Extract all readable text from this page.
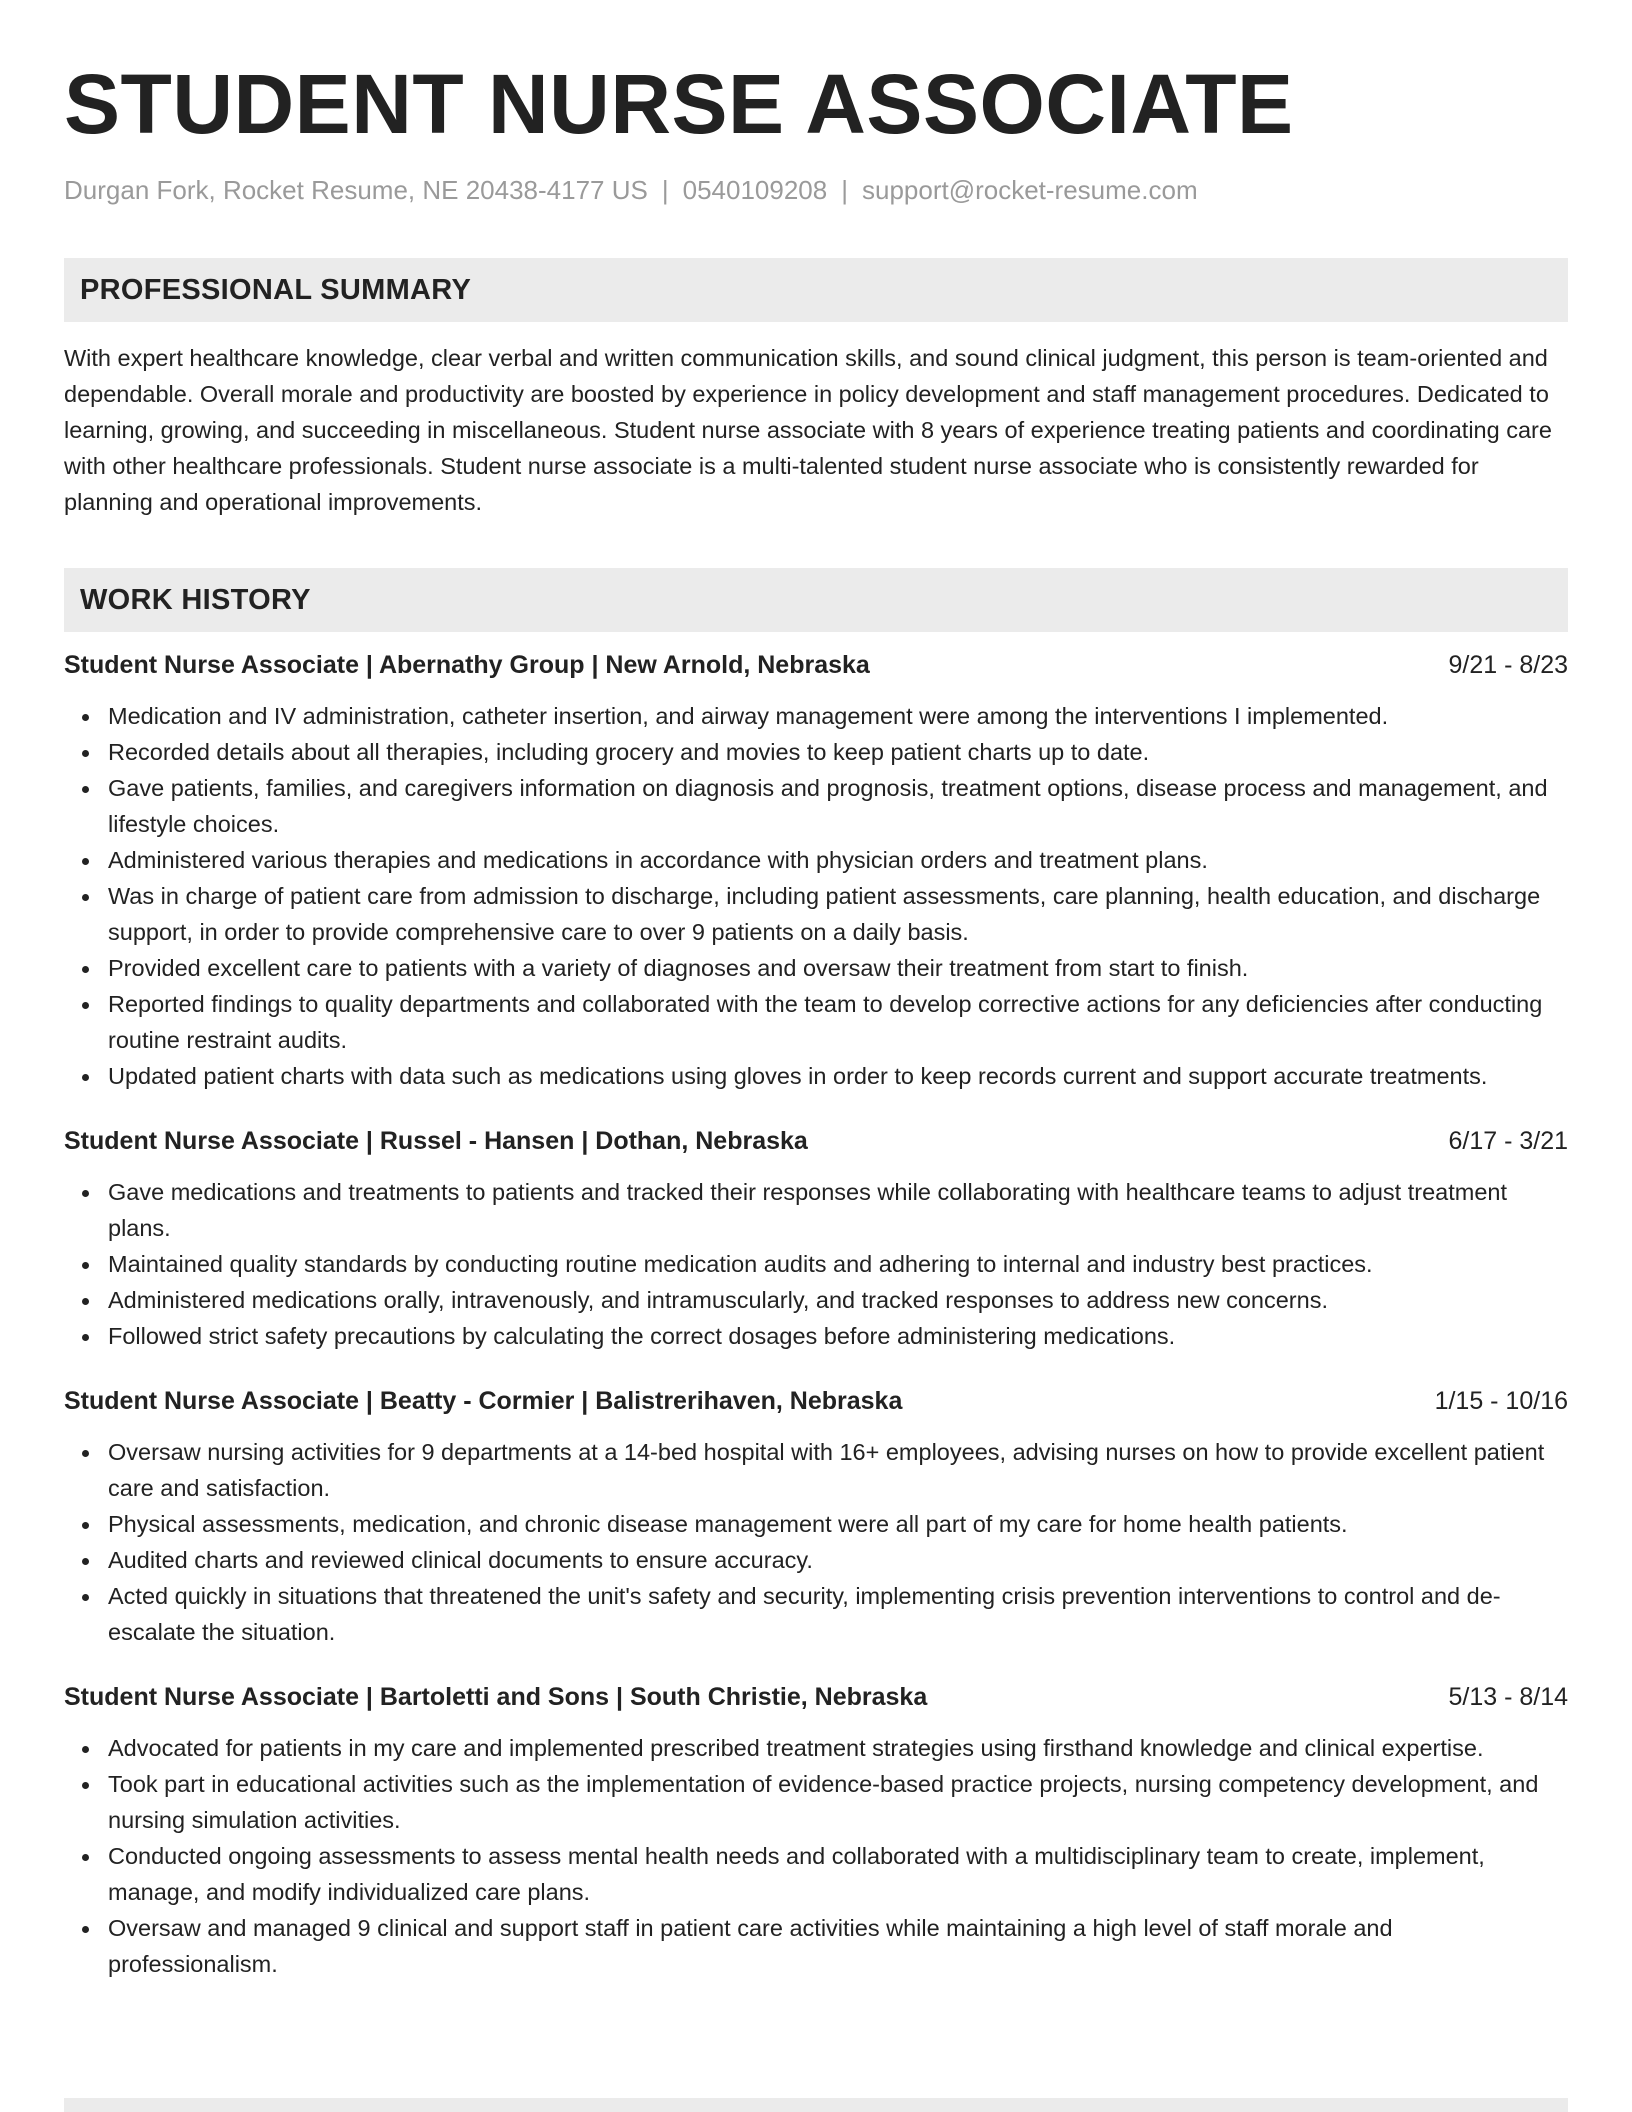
STUDENT NURSE ASSOCIATE
Durgan Fork, Rocket Resume, NE 20438-4177 US | 0540109208 | support@rocket-resume.com
PROFESSIONAL SUMMARY

With expert healthcare knowledge, clear verbal and written communication skills, and sound clinical judgment, this person is team-oriented and dependable. Overall morale and productivity are boosted by experience in policy development and staff management procedures. Dedicated to learning, growing, and succeeding in miscellaneous. Student nurse associate with 8 years of experience treating patients and coordinating care with other healthcare professionals. Student nurse associate is a multi-talented student nurse associate who is consistently rewarded for planning and operational improvements.

WORK HISTORY
Student Nurse Associate | Abernathy Group | New Arnold, Nebraska	9/21 - 8/23
Medication and IV administration, catheter insertion, and airway management were among the interventions I implemented.
Recorded details about all therapies, including grocery and movies to keep patient charts up to date.
Gave patients, families, and caregivers information on diagnosis and prognosis, treatment options, disease process and management, and lifestyle choices.
Administered various therapies and medications in accordance with physician orders and treatment plans.
Was in charge of patient care from admission to discharge, including patient assessments, care planning, health education, and discharge support, in order to provide comprehensive care to over 9 patients on a daily basis.
Provided excellent care to patients with a variety of diagnoses and oversaw their treatment from start to finish.
Reported findings to quality departments and collaborated with the team to develop corrective actions for any deficiencies after conducting routine restraint audits.
Updated patient charts with data such as medications using gloves in order to keep records current and support accurate treatments.
Student Nurse Associate | Russel - Hansen | Dothan, Nebraska	6/17 - 3/21
Gave medications and treatments to patients and tracked their responses while collaborating with healthcare teams to adjust treatment plans.
Maintained quality standards by conducting routine medication audits and adhering to internal and industry best practices.
Administered medications orally, intravenously, and intramuscularly, and tracked responses to address new concerns.
Followed strict safety precautions by calculating the correct dosages before administering medications.
Student Nurse Associate | Beatty - Cormier | Balistrerihaven, Nebraska	1/15 - 10/16
Oversaw nursing activities for 9 departments at a 14-bed hospital with 16+ employees, advising nurses on how to provide excellent patient care and satisfaction.
Physical assessments, medication, and chronic disease management were all part of my care for home health patients.
Audited charts and reviewed clinical documents to ensure accuracy.
Acted quickly in situations that threatened the unit's safety and security, implementing crisis prevention interventions to control and de-escalate the situation.
Student Nurse Associate | Bartoletti and Sons | South Christie, Nebraska	5/13 - 8/14
Advocated for patients in my care and implemented prescribed treatment strategies using firsthand knowledge and clinical expertise.
Took part in educational activities such as the implementation of evidence-based practice projects, nursing competency development, and nursing simulation activities.
Conducted ongoing assessments to assess mental health needs and collaborated with a multidisciplinary team to create, implement, manage, and modify individualized care plans.
Oversaw and managed 9 clinical and support staff in patient care activities while maintaining a high level of staff morale and professionalism.
